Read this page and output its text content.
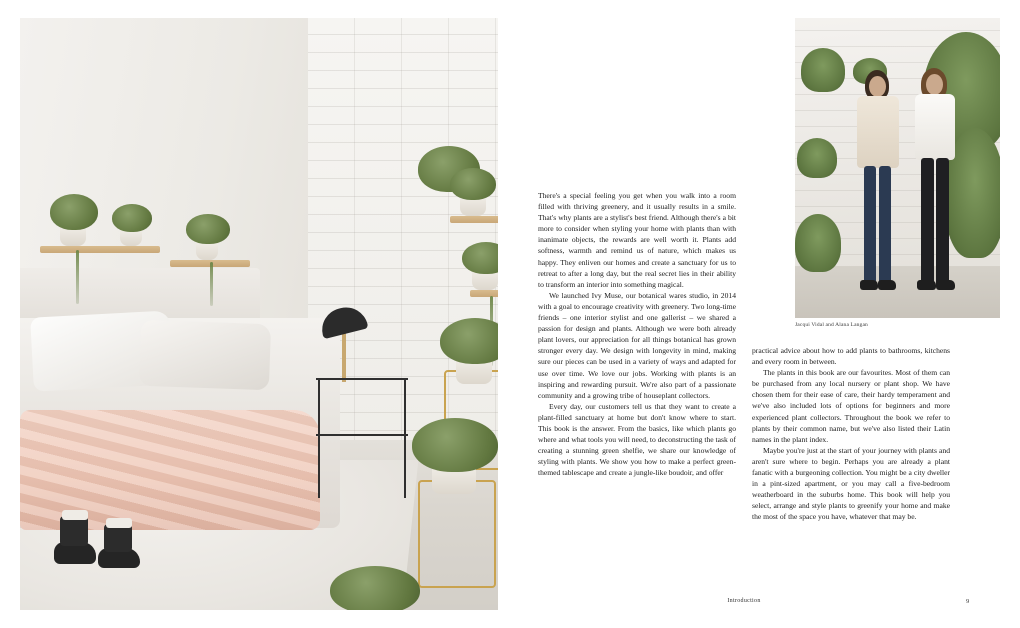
Jacqui Vidal and Alana Langan

There's a special feeling you get when you walk into a room filled with thriving greenery, and it usually results in a smile. That's why plants are a stylist's best friend. Although there's a bit more to consider when styling your home with plants than with inanimate objects, the rewards are well worth it. Plants add softness, warmth and remind us of nature, which makes us happy. They enliven our homes and create a sanctuary for us to retreat to after a long day, but the real secret lies in their ability to transform an interior into something magical.

We launched Ivy Muse, our botanical wares studio, in 2014 with a goal to encourage creativity with greenery. Two long-time friends – one interior stylist and one gallerist – we shared a passion for design and plants. Although we were both already plant lovers, our appreciation for all things botanical has grown stronger every day. We design with longevity in mind, making sure our pieces can be used in a variety of ways and adapted for use over time. We love our jobs. Working with plants is an inspiring and rewarding pursuit. We're also part of a passionate community and a growing tribe of houseplant collectors.

Every day, our customers tell us that they want to create a plant-filled sanctuary at home but don't know where to start. This book is the answer. From the basics, like which plants go where and what tools you will need, to deconstructing the task of creating a stunning green shelfie, we share our knowledge of styling with plants. We show you how to make a perfect green-themed tablescape and create a jungle-like boudoir, and offer

practical advice about how to add plants to bathrooms, kitchens and every room in between.

The plants in this book are our favourites. Most of them can be purchased from any local nursery or plant shop. We have chosen them for their ease of care, their hardy temperament and we've also included lots of options for beginners and more experienced plant collectors. Throughout the book we refer to plants by their common name, but we've also listed their Latin names in the plant index.

Maybe you're just at the start of your journey with plants and aren't sure where to begin. Perhaps you are already a plant fanatic with a burgeoning collection. You might be a city dweller in a pint-sized apartment, or you may call a five-bedroom weatherboard in the suburbs home. This book will help you select, arrange and style plants to greenify your home and make the most of the space you have, whatever that may be.

Introduction	9
